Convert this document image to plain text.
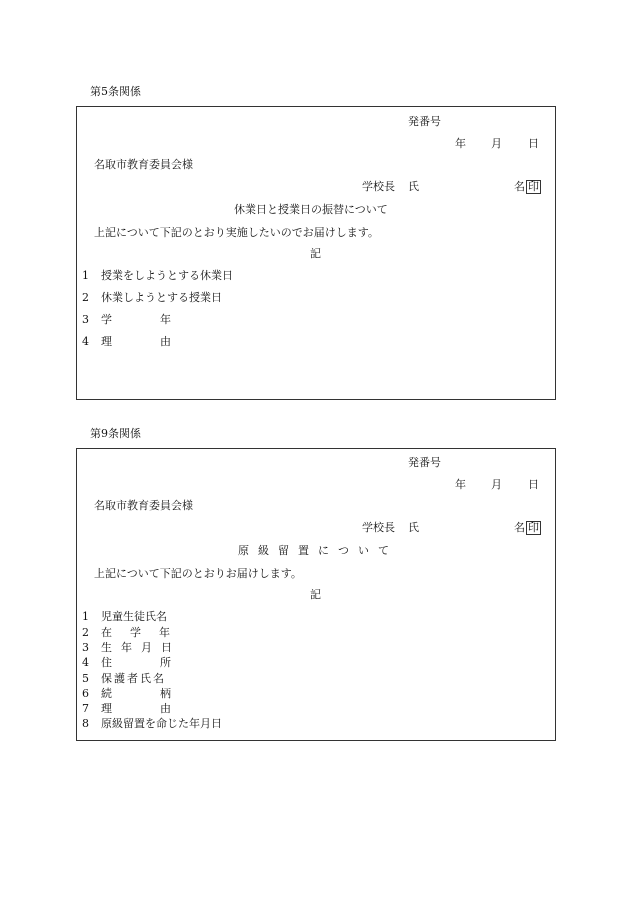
第5条関係
発番号
年 月 日
名取市教育委員会様
学校長 氏	名 印
休業日と授業日の振替について
上記について下記のとおり実施したいのでお届けします。
記
1 授業をしようとする休業日
2 休業しようとする授業日
3 学	年
4 理	由
第9条関係
発番号
年 月 日
名取市教育委員会様
学校長 氏	名 印
原 級 留 置 に つ い て
上記について下記のとおりお届けします。
記
1 児童生徒氏名
2 在 学 年
3 生 年 月 日
4 住	所
5 保 護 者 氏 名
6 続	柄
7 理	由
8 原級留置を命じた年月日
